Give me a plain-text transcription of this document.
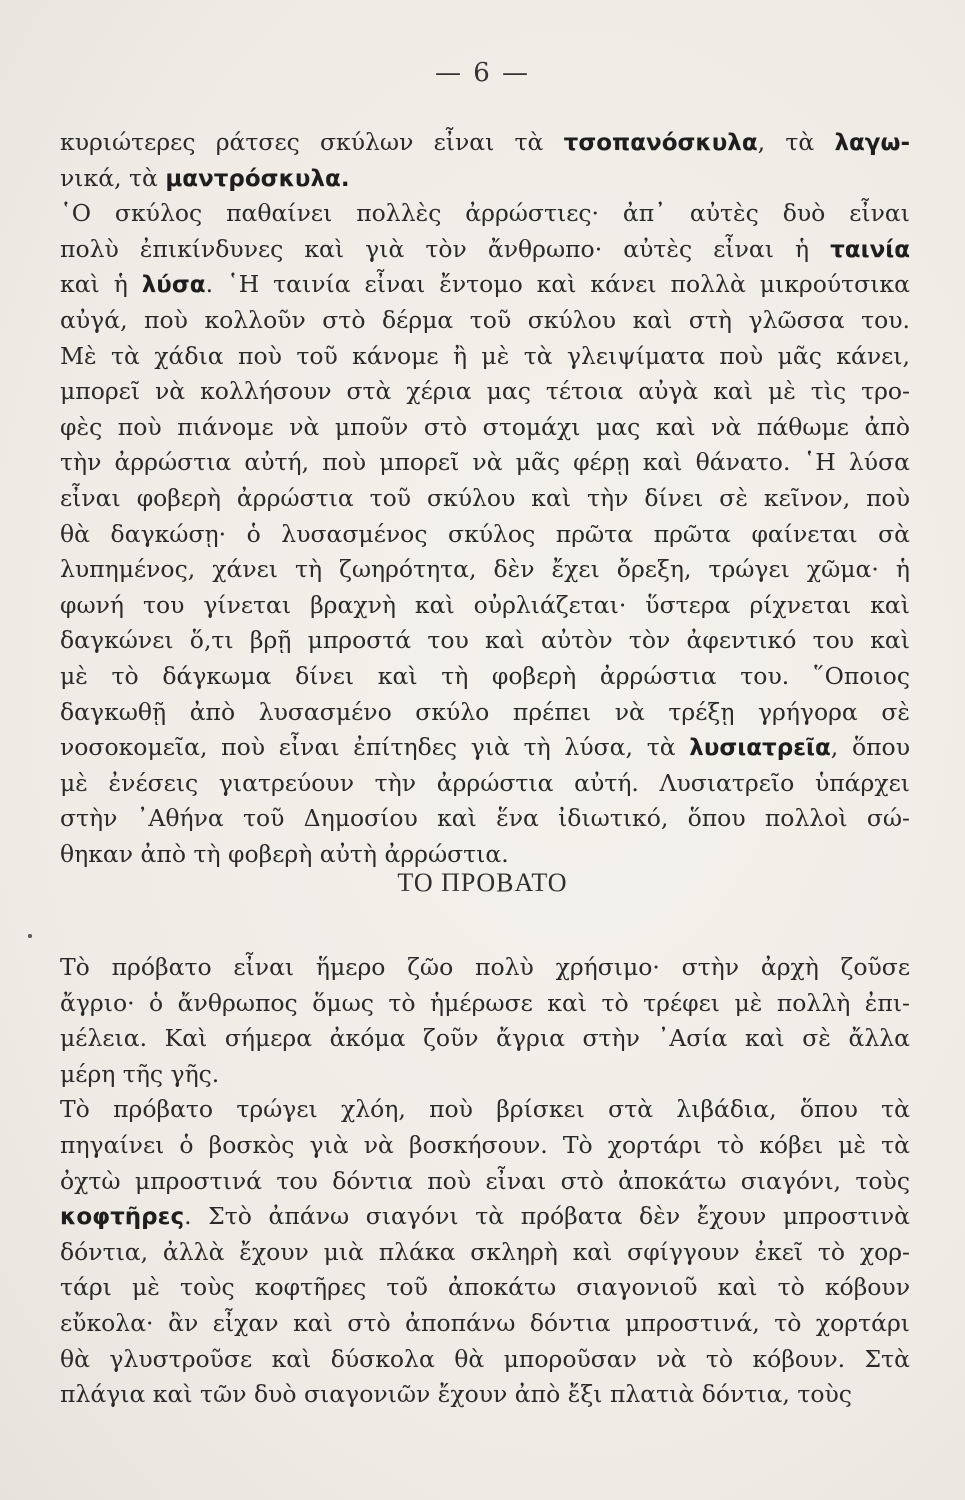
— 6 —
κυριώτερες ράτσες σκύλων εἶναι τὰ τσοπανόσκυλα, τὰ λαγω-
νικά, τὰ μαντρόσκυλα.
῾Ο σκύλος παθαίνει πολλὲς ἀρρώστιες· ἀπ᾽ αὐτὲς δυὸ εἶναι
πολὺ ἐπικίνδυνες καὶ γιὰ τὸν ἄνθρωπο· αὐτὲς εἶναι ἡ ταινία
καὶ ἡ λύσα. ῾Η ταινία εἶναι ἔντομο καὶ κάνει πολλὰ μικρούτσικα
αὐγά, ποὺ κολλοῦν στὸ δέρμα τοῦ σκύλου καὶ στὴ γλῶσσα του.
Μὲ τὰ χάδια ποὺ τοῦ κάνομε ἢ μὲ τὰ γλειψίματα ποὺ μᾶς κάνει,
μπορεῖ νὰ κολλήσουν στὰ χέρια μας τέτοια αὐγὰ καὶ μὲ τὶς τρο-
φὲς ποὺ πιάνομε νὰ μποῦν στὸ στομάχι μας καὶ νὰ πάθωμε ἀπὸ
τὴν ἀρρώστια αὐτή, ποὺ μπορεῖ νὰ μᾶς φέρῃ καὶ θάνατο. ῾Η λύσα
εἶναι φοβερὴ ἀρρώστια τοῦ σκύλου καὶ τὴν δίνει σὲ κεῖνον, ποὺ
θὰ δαγκώσῃ· ὁ λυσασμένος σκύλος πρῶτα πρῶτα φαίνεται σὰ
λυπημένος, χάνει τὴ ζωηρότητα, δὲν ἔχει ὄρεξη, τρώγει χῶμα· ἡ
φωνή του γίνεται βραχνὴ καὶ οὐρλιάζεται· ὕστερα ρίχνεται καὶ
δαγκώνει ὅ,τι βρῇ μπροστά του καὶ αὐτὸν τὸν ἀφεντικό του καὶ
μὲ τὸ δάγκωμα δίνει καὶ τὴ φοβερὴ ἀρρώστια του. ῞Οποιος
δαγκωθῇ ἀπὸ λυσασμένο σκύλο πρέπει νὰ τρέξῃ γρήγορα σὲ
νοσοκομεῖα, ποὺ εἶναι ἐπίτηδες γιὰ τὴ λύσα, τὰ λυσιατρεῖα, ὅπου
μὲ ἐνέσεις γιατρεύουν τὴν ἀρρώστια αὐτή. Λυσιατρεῖο ὑπάρχει
στὴν ᾿Αθήνα τοῦ Δημοσίου καὶ ἕνα ἰδιωτικό, ὅπου πολλοὶ σώ-
θηκαν ἀπὸ τὴ φοβερὴ αὐτὴ ἀρρώστια.
ΤΟ ΠΡΟΒΑΤΟ
Τὸ πρόβατο εἶναι ἥμερο ζῶο πολὺ χρήσιμο· στὴν ἀρχὴ ζοῦσε
ἄγριο· ὁ ἄνθρωπος ὅμως τὸ ἡμέρωσε καὶ τὸ τρέφει μὲ πολλὴ ἐπι-
μέλεια. Καὶ σήμερα ἀκόμα ζοῦν ἄγρια στὴν ᾿Ασία καὶ σὲ ἄλλα
μέρη τῆς γῆς.
Τὸ πρόβατο τρώγει χλόη, ποὺ βρίσκει στὰ λιβάδια, ὅπου τὰ
πηγαίνει ὁ βοσκὸς γιὰ νὰ βοσκήσουν. Τὸ χορτάρι τὸ κόβει μὲ τὰ
ὀχτὼ μπροστινά του δόντια ποὺ εἶναι στὸ ἀποκάτω σιαγόνι, τοὺς
κοφτῆρες. Στὸ ἀπάνω σιαγόνι τὰ πρόβατα δὲν ἔχουν μπροστινὰ
δόντια, ἀλλὰ ἔχουν μιὰ πλάκα σκληρὴ καὶ σφίγγουν ἐκεῖ τὸ χορ-
τάρι μὲ τοὺς κοφτῆρες τοῦ ἀποκάτω σιαγονιοῦ καὶ τὸ κόβουν
εὔκολα· ἂν εἶχαν καὶ στὸ ἀποπάνω δόντια μπροστινά, τὸ χορτάρι
θὰ γλυστροῦσε καὶ δύσκολα θὰ μποροῦσαν νὰ τὸ κόβουν. Στὰ
πλάγια καὶ τῶν δυὸ σιαγονιῶν ἔχουν ἀπὸ ἔξι πλατιὰ δόντια, τοὺς
